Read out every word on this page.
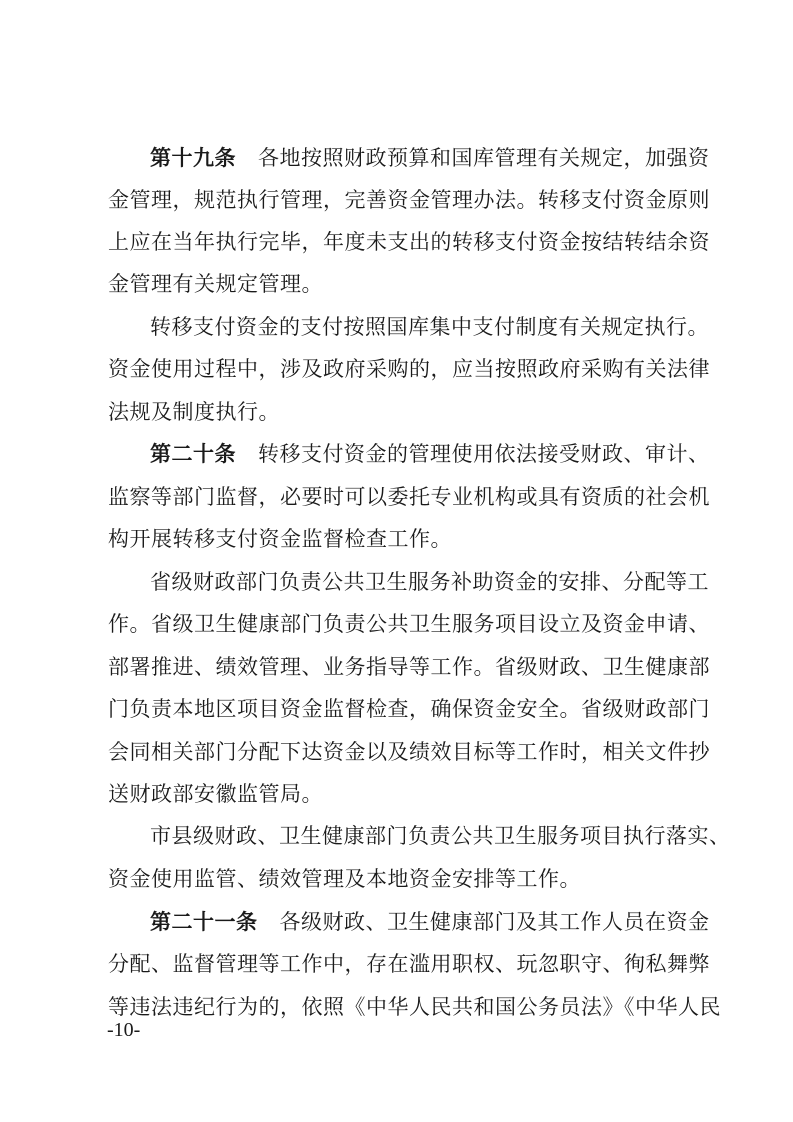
第十九条 各地按照财政预算和国库管理有关规定，加强资
金管理，规范执行管理，完善资金管理办法。转移支付资金原则
上应在当年执行完毕，年度未支出的转移支付资金按结转结余资
金管理有关规定管理。
转移支付资金的支付按照国库集中支付制度有关规定执行。
资金使用过程中，涉及政府采购的，应当按照政府采购有关法律
法规及制度执行。
第二十条 转移支付资金的管理使用依法接受财政、审计、
监察等部门监督，必要时可以委托专业机构或具有资质的社会机
构开展转移支付资金监督检查工作。
省级财政部门负责公共卫生服务补助资金的安排、分配等工
作。省级卫生健康部门负责公共卫生服务项目设立及资金申请、
部署推进、绩效管理、业务指导等工作。省级财政、卫生健康部
门负责本地区项目资金监督检查，确保资金安全。省级财政部门
会同相关部门分配下达资金以及绩效目标等工作时，相关文件抄
送财政部安徽监管局。
市县级财政、卫生健康部门负责公共卫生服务项目执行落实、
资金使用监管、绩效管理及本地资金安排等工作。
-10-
第二十一条 各级财政、卫生健康部门及其工作人员在资金
分配、监督管理等工作中，存在滥用职权、玩忽职守、徇私舞弊
等违法违纪行为的，依照《中华人民共和国公务员法》《中华人民
